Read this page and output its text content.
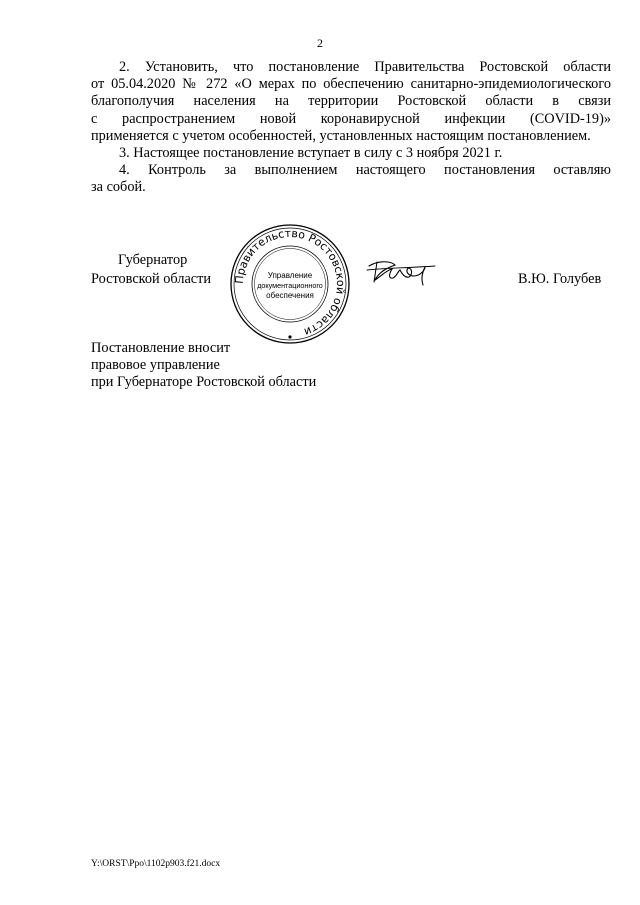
2

2. Установить, что постановление Правительства Ростовской области
от 05.04.2020 № 272 «О мерах по обеспечению санитарно-эпидемиологического
благополучия населения на территории Ростовской области в связи
с распространением новой коронавирусной инфекции (COVID-19)»
применяется с учетом особенностей, установленных настоящим постановлением.

3. Настоящее постановление вступает в силу с 3 ноября 2021 г.

4. Контроль за выполнением настоящего постановления оставляю
за собой.

Губернатор
Ростовской области Правительство Ростовской области
Управление
документационного
обеспечения
В.Ю. Голубев
Постановление вносит
правовое управление
при Губернаторе Ростовской области
Y:\ORST\Ppo\1102p903.f21.docx
